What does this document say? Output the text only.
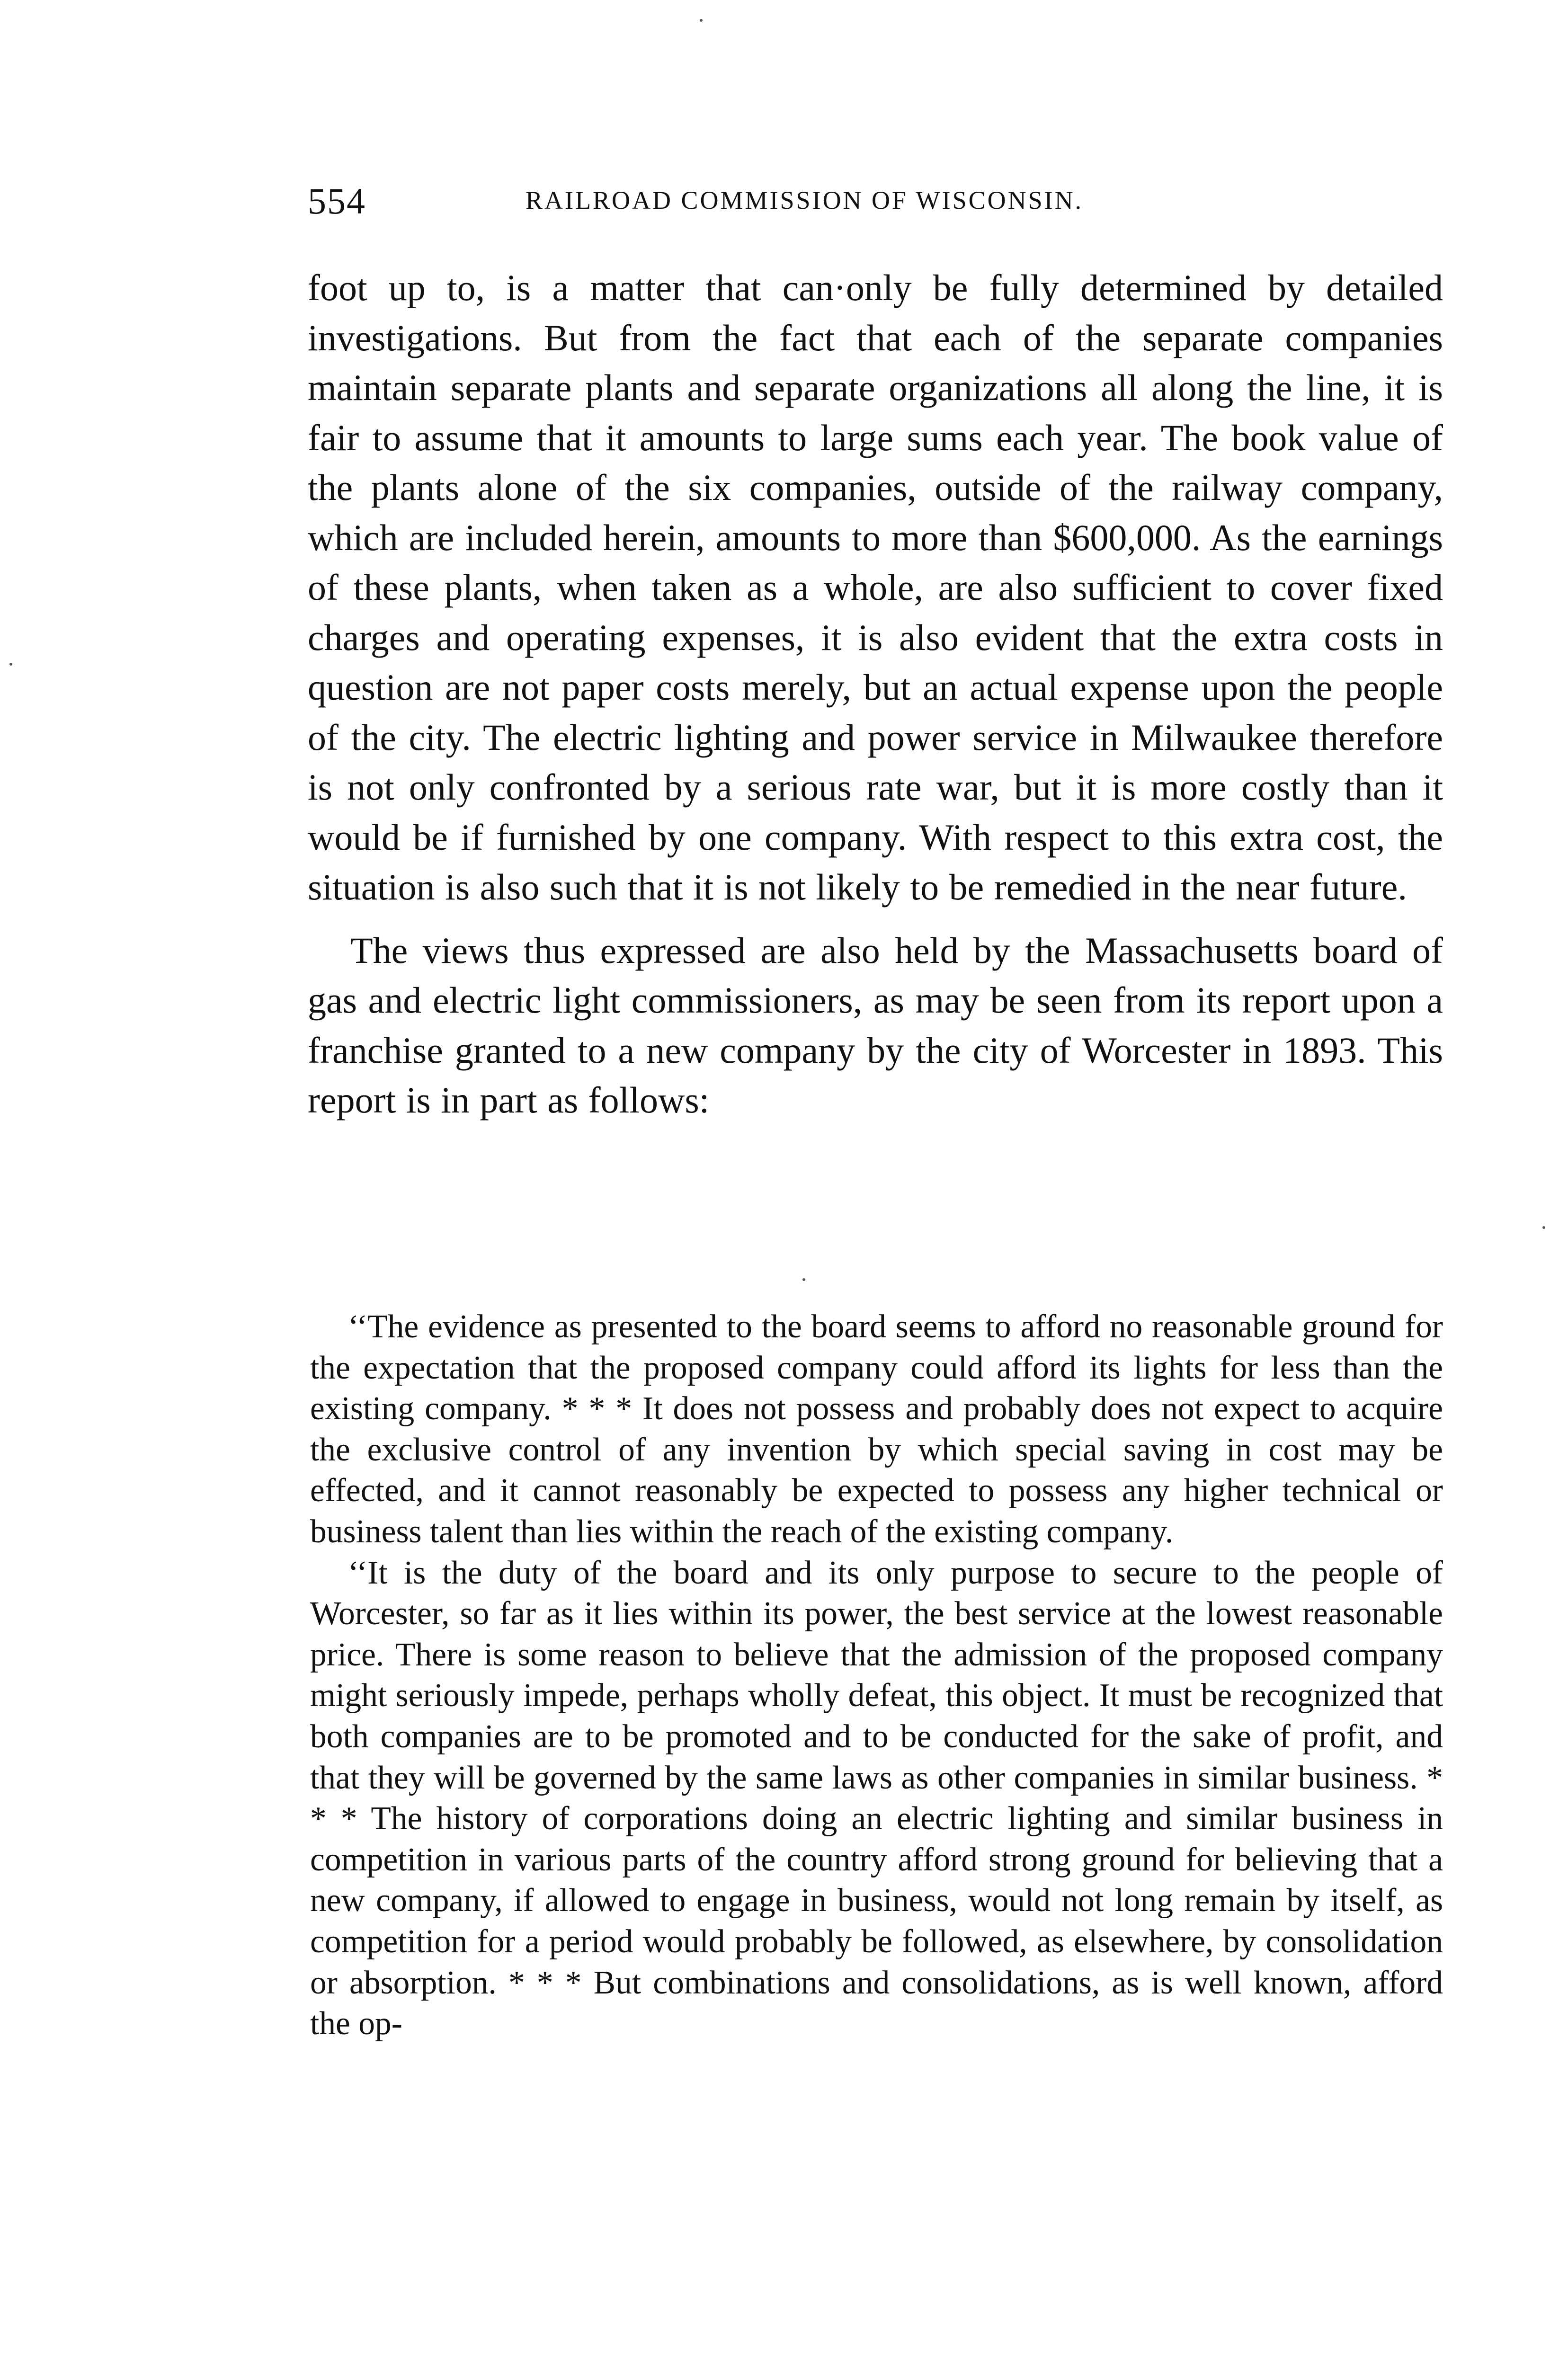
554	RAILROAD COMMISSION OF WISCONSIN.

foot up to, is a matter that can·only be fully determined by detailed investigations. But from the fact that each of the separate companies maintain separate plants and separate organizations all along the line, it is fair to assume that it amounts to large sums each year. The book value of the plants alone of the six companies, outside of the railway company, which are included herein, amounts to more than $600,000. As the earnings of these plants, when taken as a whole, are also sufficient to cover fixed charges and operating expenses, it is also evident that the extra costs in question are not paper costs merely, but an actual expense upon the people of the city. The electric lighting and power service in Milwaukee therefore is not only confronted by a serious rate war, but it is more costly than it would be if furnished by one company. With respect to this extra cost, the situation is also such that it is not likely to be remedied in the near future.

The views thus expressed are also held by the Massachusetts board of gas and electric light commissioners, as may be seen from its report upon a franchise granted to a new company by the city of Worcester in 1893. This report is in part as follows:

‘‘The evidence as presented to the board seems to afford no reasonable ground for the expectation that the proposed company could afford its lights for less than the existing company. * * * It does not possess and probably does not expect to acquire the exclusive control of any invention by which special saving in cost may be effected, and it cannot reasonably be expected to possess any higher technical or business talent than lies within the reach of the existing company.

‘‘It is the duty of the board and its only purpose to secure to the people of Worcester, so far as it lies within its power, the best service at the lowest reasonable price. There is some reason to believe that the admission of the proposed company might seriously impede, perhaps wholly defeat, this object. It must be recognized that both companies are to be promoted and to be conducted for the sake of profit, and that they will be governed by the same laws as other companies in similar business. * * * The history of corporations doing an electric lighting and similar business in competition in various parts of the country afford strong ground for believing that a new company, if allowed to engage in business, would not long remain by itself, as competition for a period would probably be followed, as elsewhere, by consolidation or absorption. * * * But combinations and consolidations, as is well known, afford the op-
